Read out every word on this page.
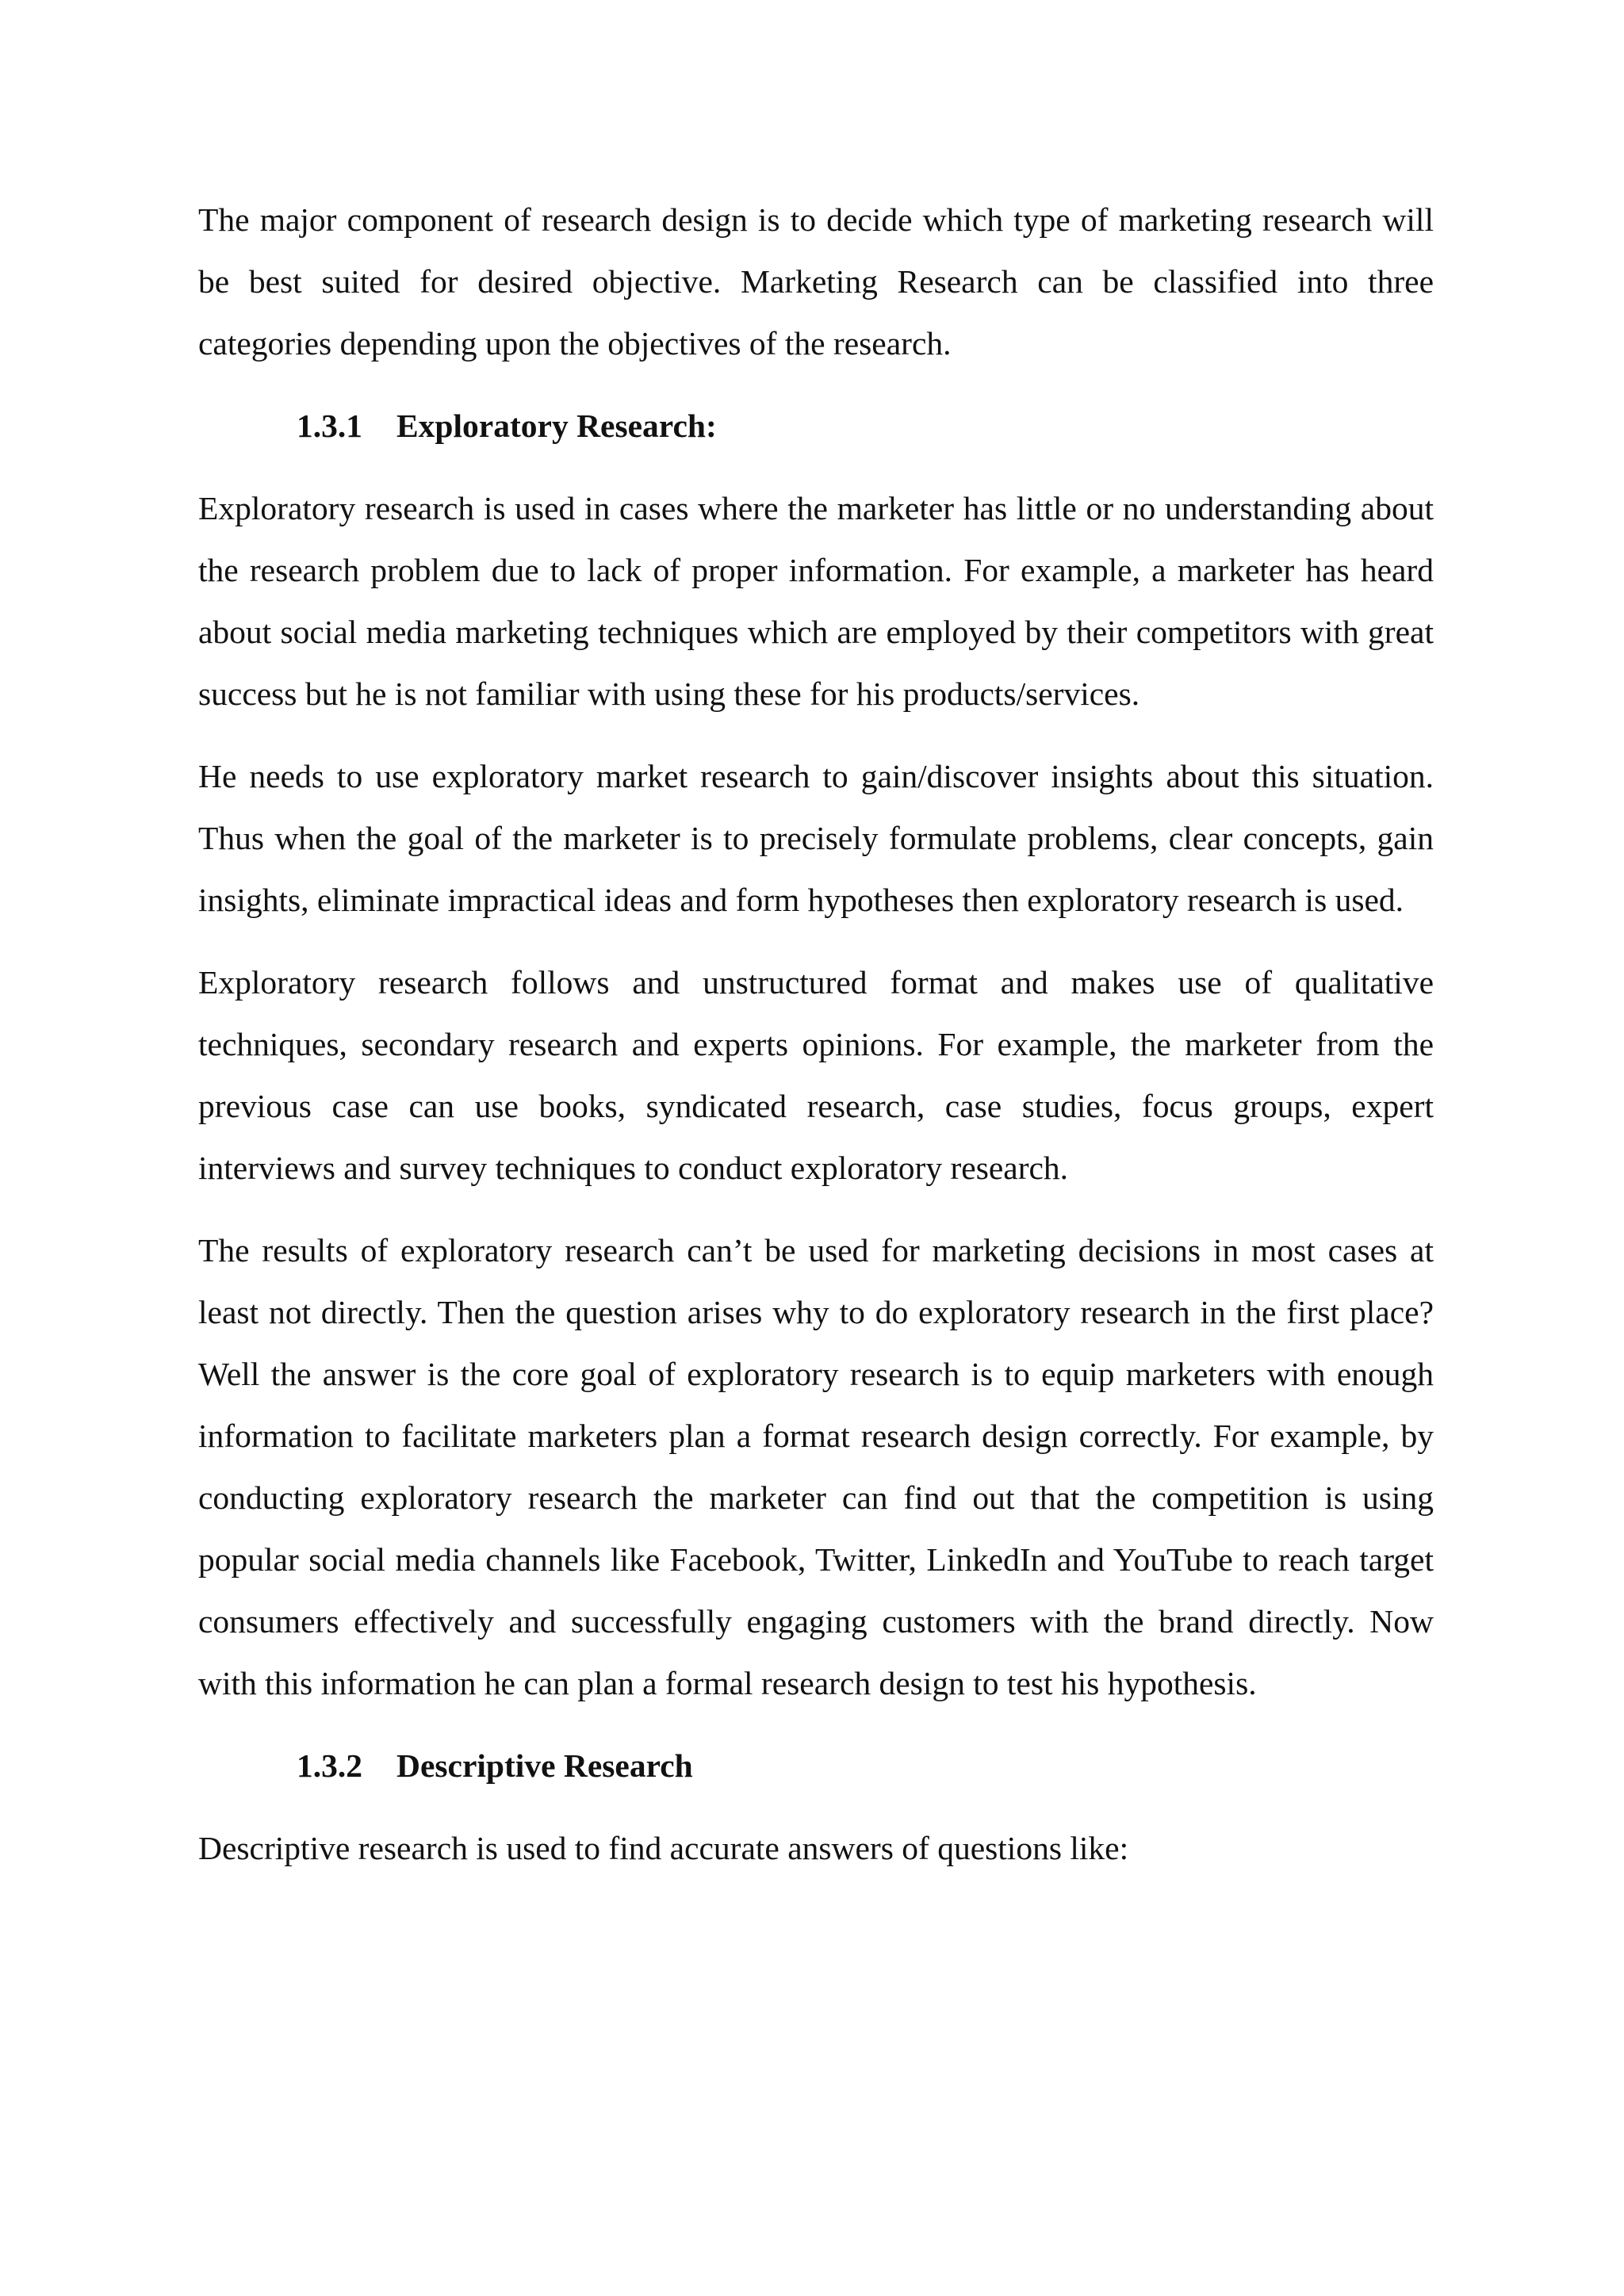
The major component of research design is to decide which type of marketing research will be best suited for desired objective. Marketing Research can be classified into three categories depending upon the objectives of the research.

1.3.1 Exploratory Research:

Exploratory research is used in cases where the marketer has little or no understanding about the research problem due to lack of proper information. For example, a marketer has heard about social media marketing techniques which are employed by their competitors with great success but he is not familiar with using these for his products/services.

He needs to use exploratory market research to gain/discover insights about this situation. Thus when the goal of the marketer is to precisely formulate problems, clear concepts, gain insights, eliminate impractical ideas and form hypotheses then exploratory research is used.

Exploratory research follows and unstructured format and makes use of qualitative techniques, secondary research and experts opinions. For example, the marketer from the previous case can use books, syndicated research, case studies, focus groups, expert interviews and survey techniques to conduct exploratory research.

The results of exploratory research can’t be used for marketing decisions in most cases at least not directly. Then the question arises why to do exploratory research in the first place? Well the answer is the core goal of exploratory research is to equip marketers with enough information to facilitate marketers plan a format research design correctly. For example, by conducting exploratory research the marketer can find out that the competition is using popular social media channels like Facebook, Twitter, LinkedIn and YouTube to reach target consumers effectively and successfully engaging customers with the brand directly. Now with this information he can plan a formal research design to test his hypothesis.

1.3.2 Descriptive Research

Descriptive research is used to find accurate answers of questions like:
